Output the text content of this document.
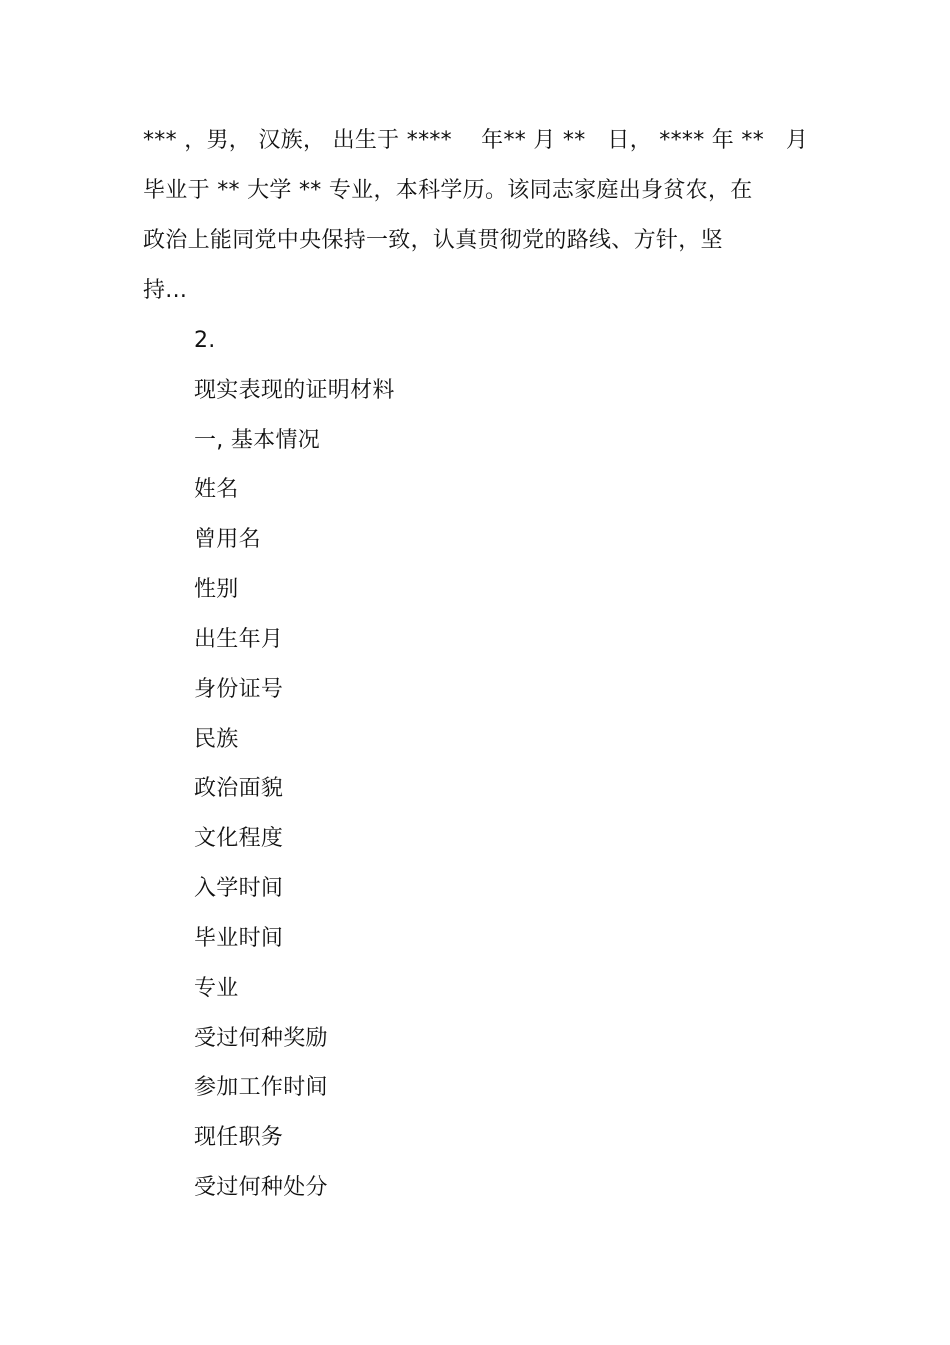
*** ，男， 汉族， 出生于 ****    年** 月 **   日， **** 年 **   月
毕业于 ** 大学 ** 专业，本科学历。该同志家庭出身贫农，在
政治上能同党中央保持一致，认真贯彻党的路线、方针，坚
持...
2.
现实表现的证明材料
一, 基本情况
姓名
曾用名
性别
出生年月
身份证号
民族
政治面貌
文化程度
入学时间
毕业时间
专业
受过何种奖励
参加工作时间
现任职务
受过何种处分
